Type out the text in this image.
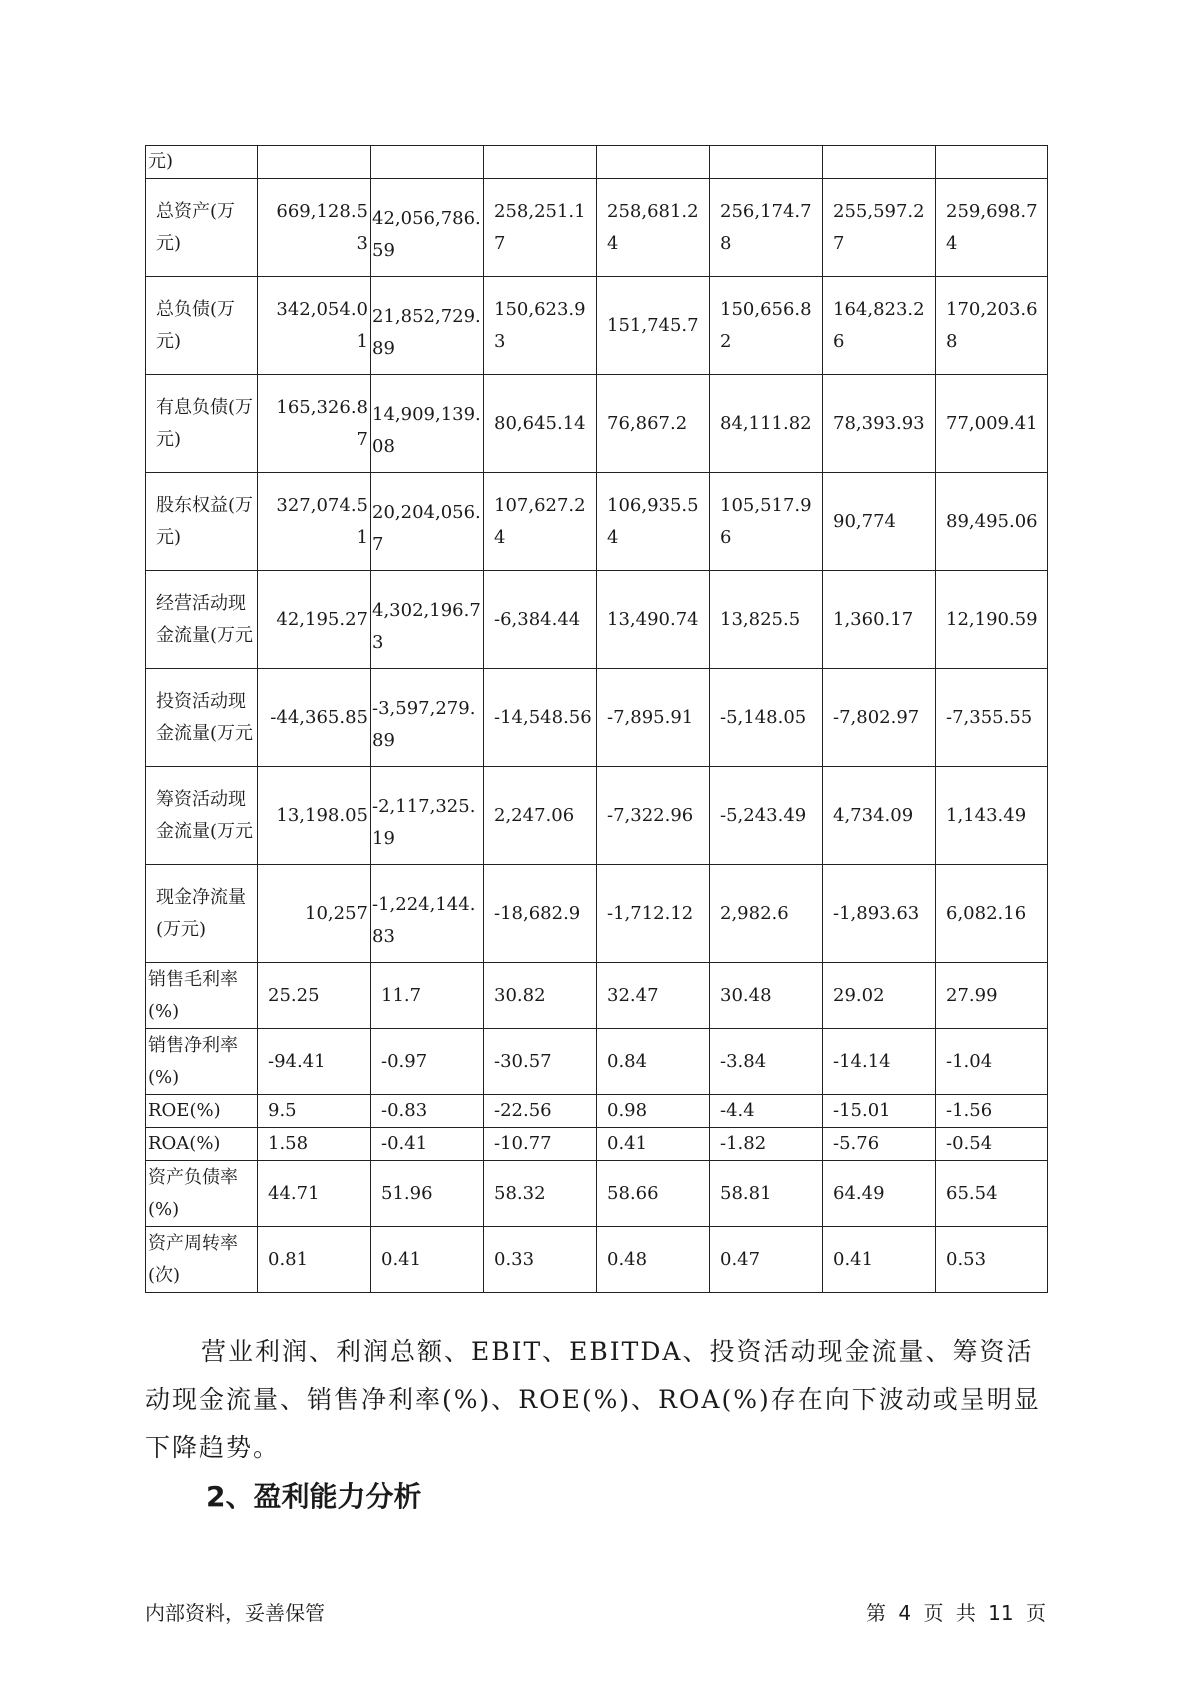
元)							
总资产(万元)	669,128.53	42,056,786.59	258,251.17	258,681.24	256,174.78	255,597.27	259,698.74
总负债(万元)	342,054.01	21,852,729.89	150,623.93	151,745.7	150,656.82	164,823.26	170,203.68
有息负债(万元)	165,326.87	14,909,139.08	80,645.14	76,867.2	84,111.82	78,393.93	77,009.41
股东权益(万元)	327,074.51	20,204,056.7	107,627.24	106,935.54	105,517.96	90,774	89,495.06
经营活动现金流量(万元	42,195.27	4,302,196.73	-6,384.44	13,490.74	13,825.5	1,360.17	12,190.59
投资活动现金流量(万元	-44,365.85	-3,597,279.89	-14,548.56	-7,895.91	-5,148.05	-7,802.97	-7,355.55
筹资活动现金流量(万元	13,198.05	-2,117,325.19	2,247.06	-7,322.96	-5,243.49	4,734.09	1,143.49
现金净流量(万元)	10,257	-1,224,144.83	-18,682.9	-1,712.12	2,982.6	-1,893.63	6,082.16
销售毛利率(%)	25.25	11.7	30.82	32.47	30.48	29.02	27.99
销售净利率(%)	-94.41	-0.97	-30.57	0.84	-3.84	-14.14	-1.04
ROE(%)	9.5	-0.83	-22.56	0.98	-4.4	-15.01	-1.56
ROA(%)	1.58	-0.41	-10.77	0.41	-1.82	-5.76	-0.54
资产负债率(%)	44.71	51.96	58.32	58.66	58.81	64.49	65.54
资产周转率(次)	0.81	0.41	0.33	0.48	0.47	0.41	0.53

营业利润、利润总额、EBIT、EBITDA、投资活动现金流量、筹资活动现金流量、销售净利率(%)、ROE(%)、ROA(%)存在向下波动或呈明显下降趋势。

2、盈利能力分析
内部资料，妥善保管	第 4 页 共 11 页
